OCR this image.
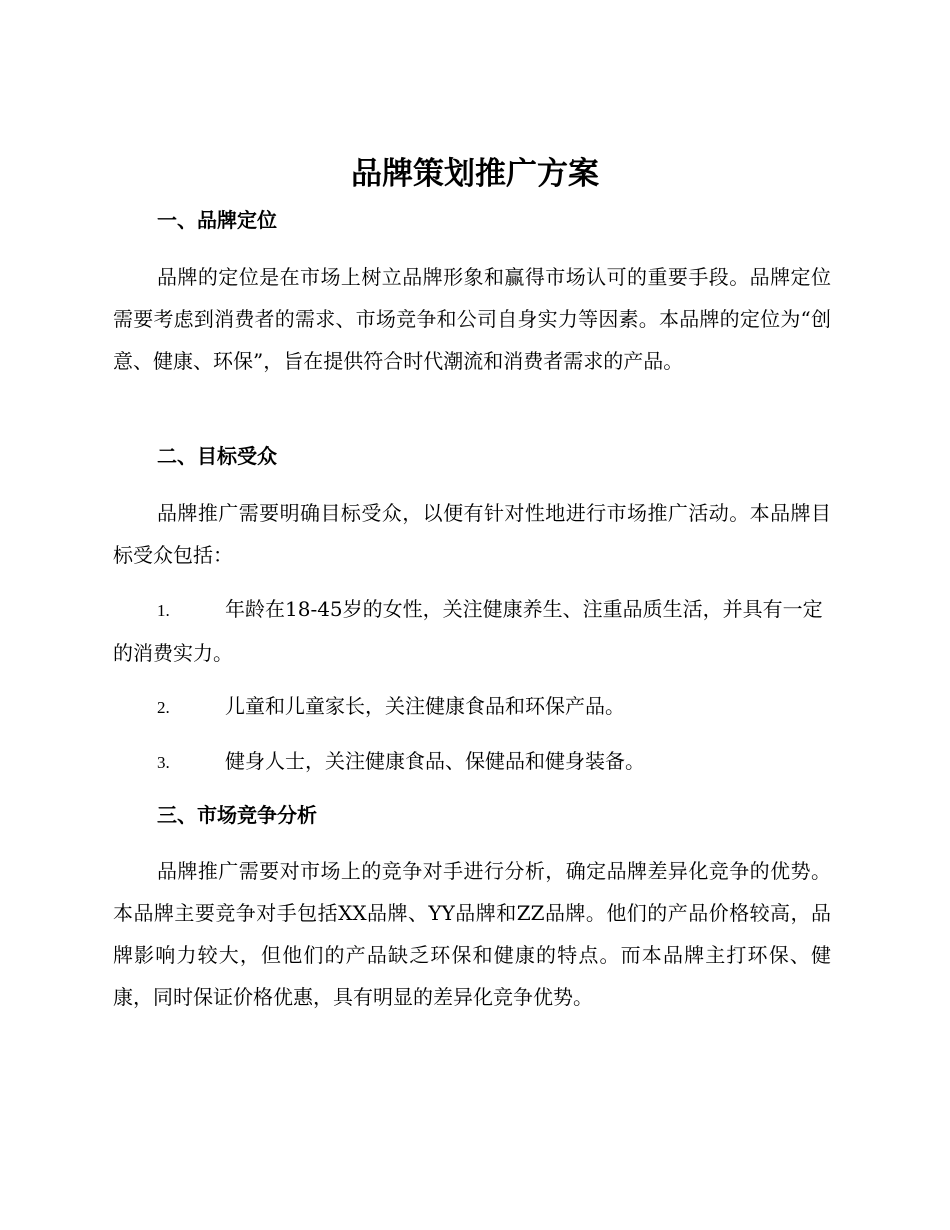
品牌策划推广方案
一、品牌定位

品牌的定位是在市场上树立品牌形象和赢得市场认可的重要手段。品牌定位需要考虑到消费者的需求、市场竞争和公司自身实力等因素。本品牌的定位为“创意、健康、环保”，旨在提供符合时代潮流和消费者需求的产品。

二、目标受众

品牌推广需要明确目标受众，以便有针对性地进行市场推广活动。本品牌目标受众包括：

1.	年龄在18-45岁的女性，关注健康养生、注重品质生活，并具有一定的消费实力。
2.	儿童和儿童家长，关注健康食品和环保产品。
3.	健身人士，关注健康食品、保健品和健身装备。
三、市场竞争分析

品牌推广需要对市场上的竞争对手进行分析，确定品牌差异化竞争的优势。本品牌主要竞争对手包括XX品牌、YY品牌和ZZ品牌。他们的产品价格较高，品牌影响力较大，但他们的产品缺乏环保和健康的特点。而本品牌主打环保、健康，同时保证价格优惠，具有明显的差异化竞争优势。
